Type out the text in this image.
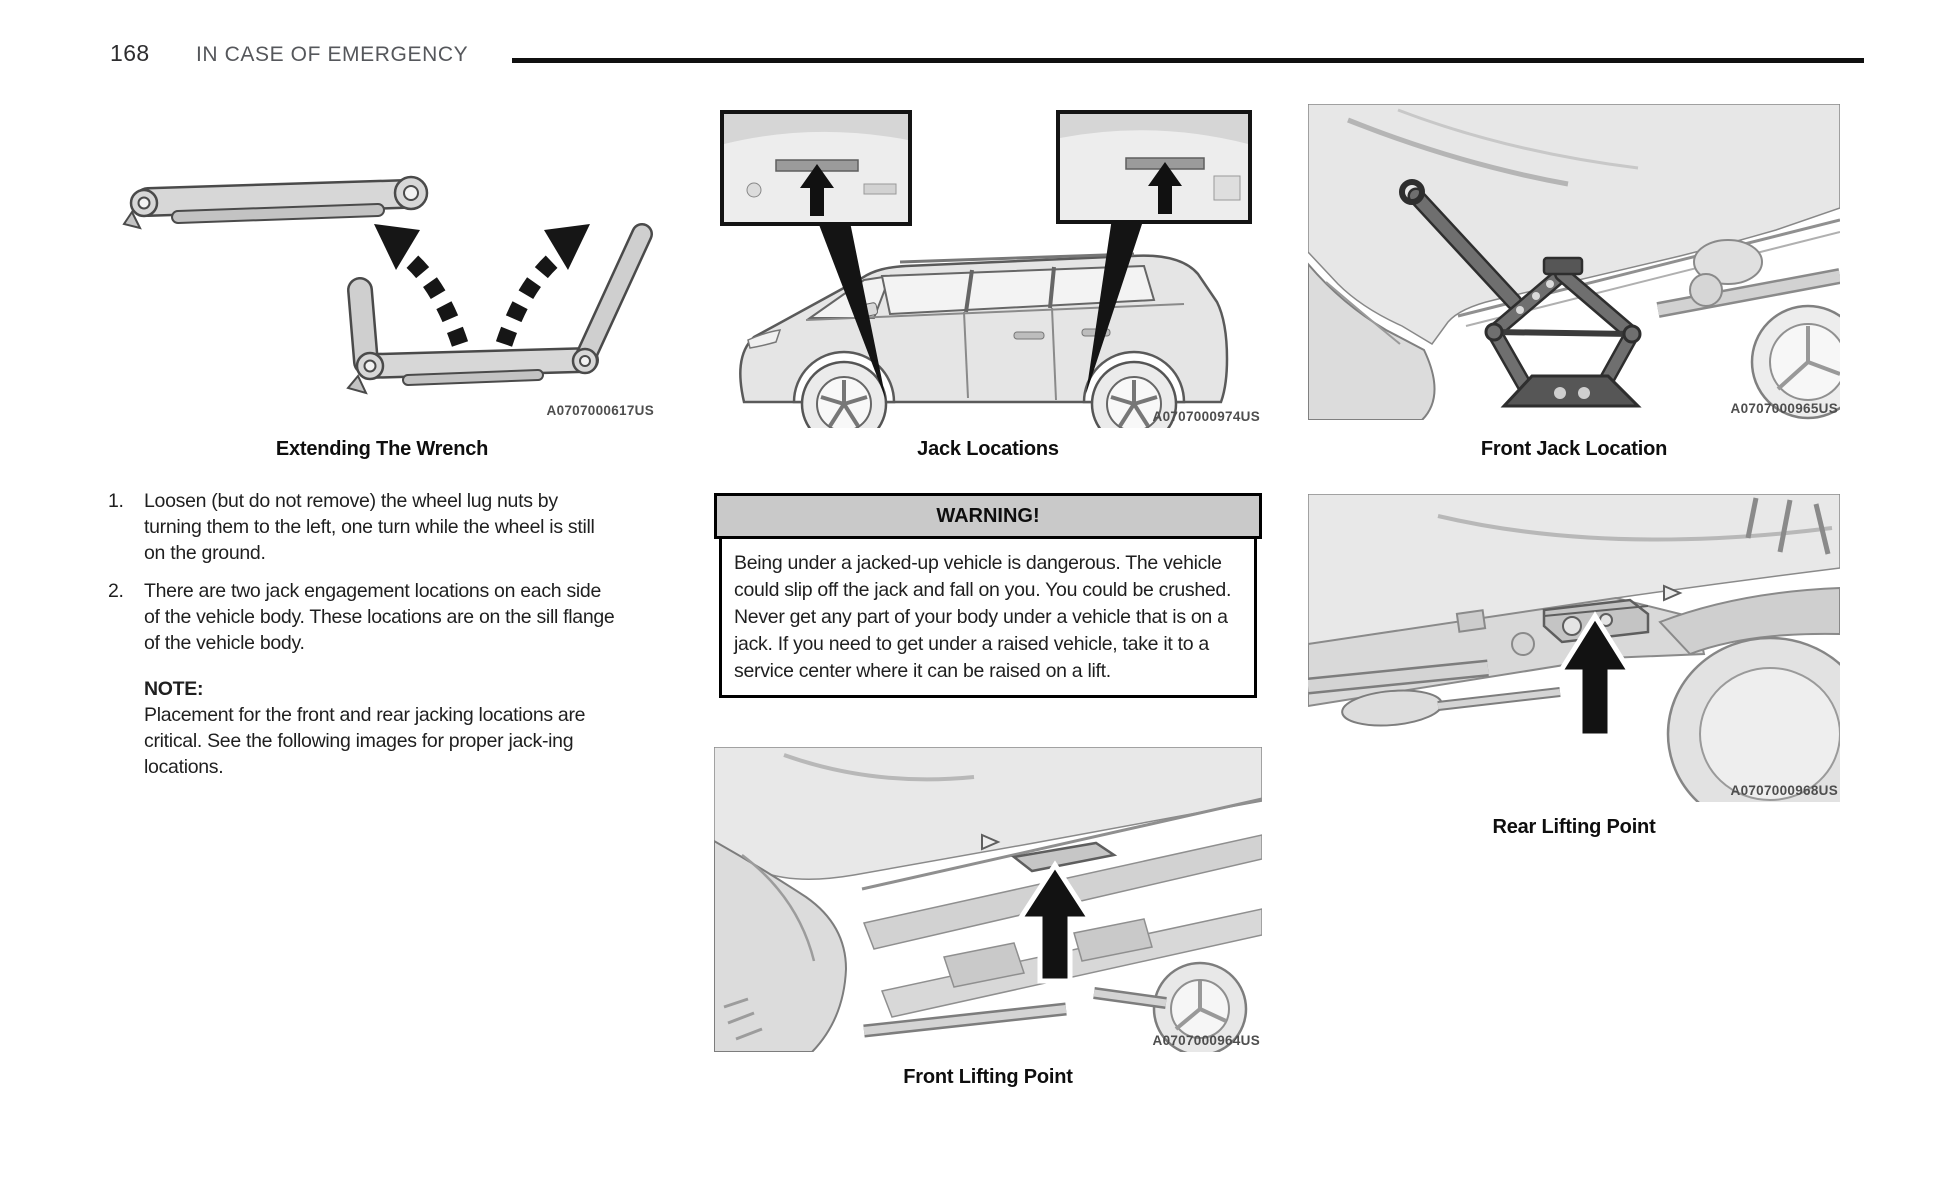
168 IN CASE OF EMERGENCY
A0707000617US
Extending The Wrench
1.	Loosen (but do not remove) the wheel lug nuts by turning them to the left, one turn while the wheel is still on the ground.
2.	There are two jack engagement locations on each side of the vehicle body. These locations are on the sill flange of the vehicle body.
NOTE:
Placement for the front and rear jacking locations are critical. See the following images for proper jack-ing locations.
A0707000974US
Jack Locations
WARNING!
Being under a jacked-up vehicle is dangerous. The vehicle could slip off the jack and fall on you. You could be crushed. Never get any part of your body under a vehicle that is on a jack. If you need to get under a raised vehicle, take it to a service center where it can be raised on a lift.
A0707000964US
Front Lifting Point
A0707000965US
Front Jack Location
A0707000968US
Rear Lifting Point
